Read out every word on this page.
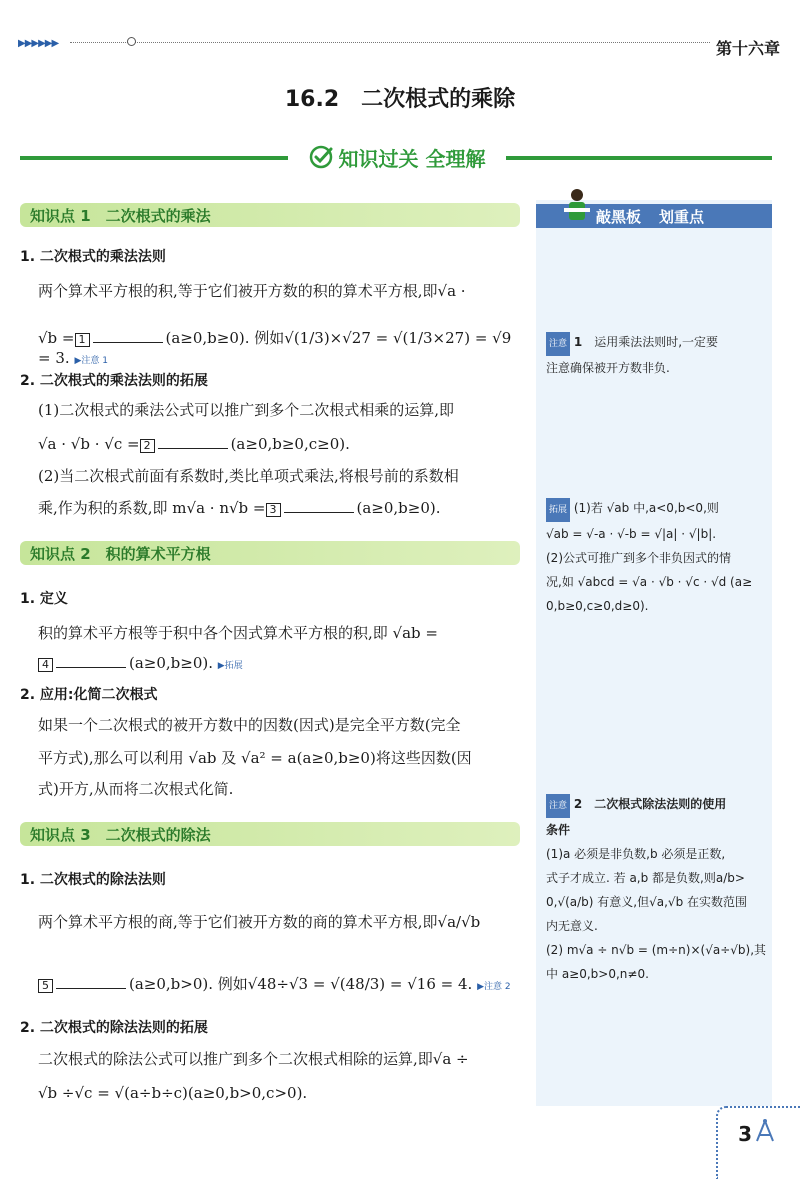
▶▶▶▶▶▶	第十六章
16.2 二次根式的乘除
知识过关 全理解
知识点 1　二次根式的乘法
1. 二次根式的乘法法则
两个算术平方根的积,等于它们被开方数的积的算术平方根,即√a ·
√b = 1	(a≥0,b≥0). 例如√(1/3)×√27 = √(1/3×27) = √9 = 3. ▶注意 1
2. 二次根式的乘法法则的拓展
(1)二次根式的乘法公式可以推广到多个二次根式相乘的运算,即
√a · √b · √c = 2	(a≥0,b≥0,c≥0).
(2)当二次根式前面有系数时,类比单项式乘法,将根号前的系数相
乘,作为积的系数,即 m√a · n√b = 3	(a≥0,b≥0).
知识点 2　积的算术平方根
1. 定义
积的算术平方根等于积中各个因式算术平方根的积,即 √ab =
4	(a≥0,b≥0). ▶拓展
2. 应用:化简二次根式
如果一个二次根式的被开方数中的因数(因式)是完全平方数(完全
平方式),那么可以利用 √ab 及 √a² = a(a≥0,b≥0)将这些因数(因
式)开方,从而将二次根式化简.
知识点 3　二次根式的除法
1. 二次根式的除法法则
两个算术平方根的商,等于它们被开方数的商的算术平方根,即√a/√b
5	(a≥0,b>0). 例如√48÷√3 = √(48/3) = √16 = 4. ▶注意 2
2. 二次根式的除法法则的拓展
二次根式的除法公式可以推广到多个二次根式相除的运算,即√a ÷
√b ÷√c = √(a÷b÷c)(a≥0,b>0,c>0).
敲黑板 划重点
注意 1　 运用乘法法则时,一定要
注意确保被开方数非负.
拓展 (1)若 √ab 中,a<0,b<0,则
√ab = √-a · √-b = √|a| · √|b|.
(2)公式可推广到多个非负因式的情
况,如 √abcd = √a · √b · √c · √d (a≥
0,b≥0,c≥0,d≥0).
注意 2　 二次根式除法法则的使用
条件
(1)a 必须是非负数,b 必须是正数,
式子才成立. 若 a,b 都是负数,则a/b>
0,√(a/b) 有意义,但√a,√b 在实数范围
内无意义.
(2) m√a ÷ n√b = (m÷n)×(√a÷√b),其
中 a≥0,b>0,n≠0.
3
